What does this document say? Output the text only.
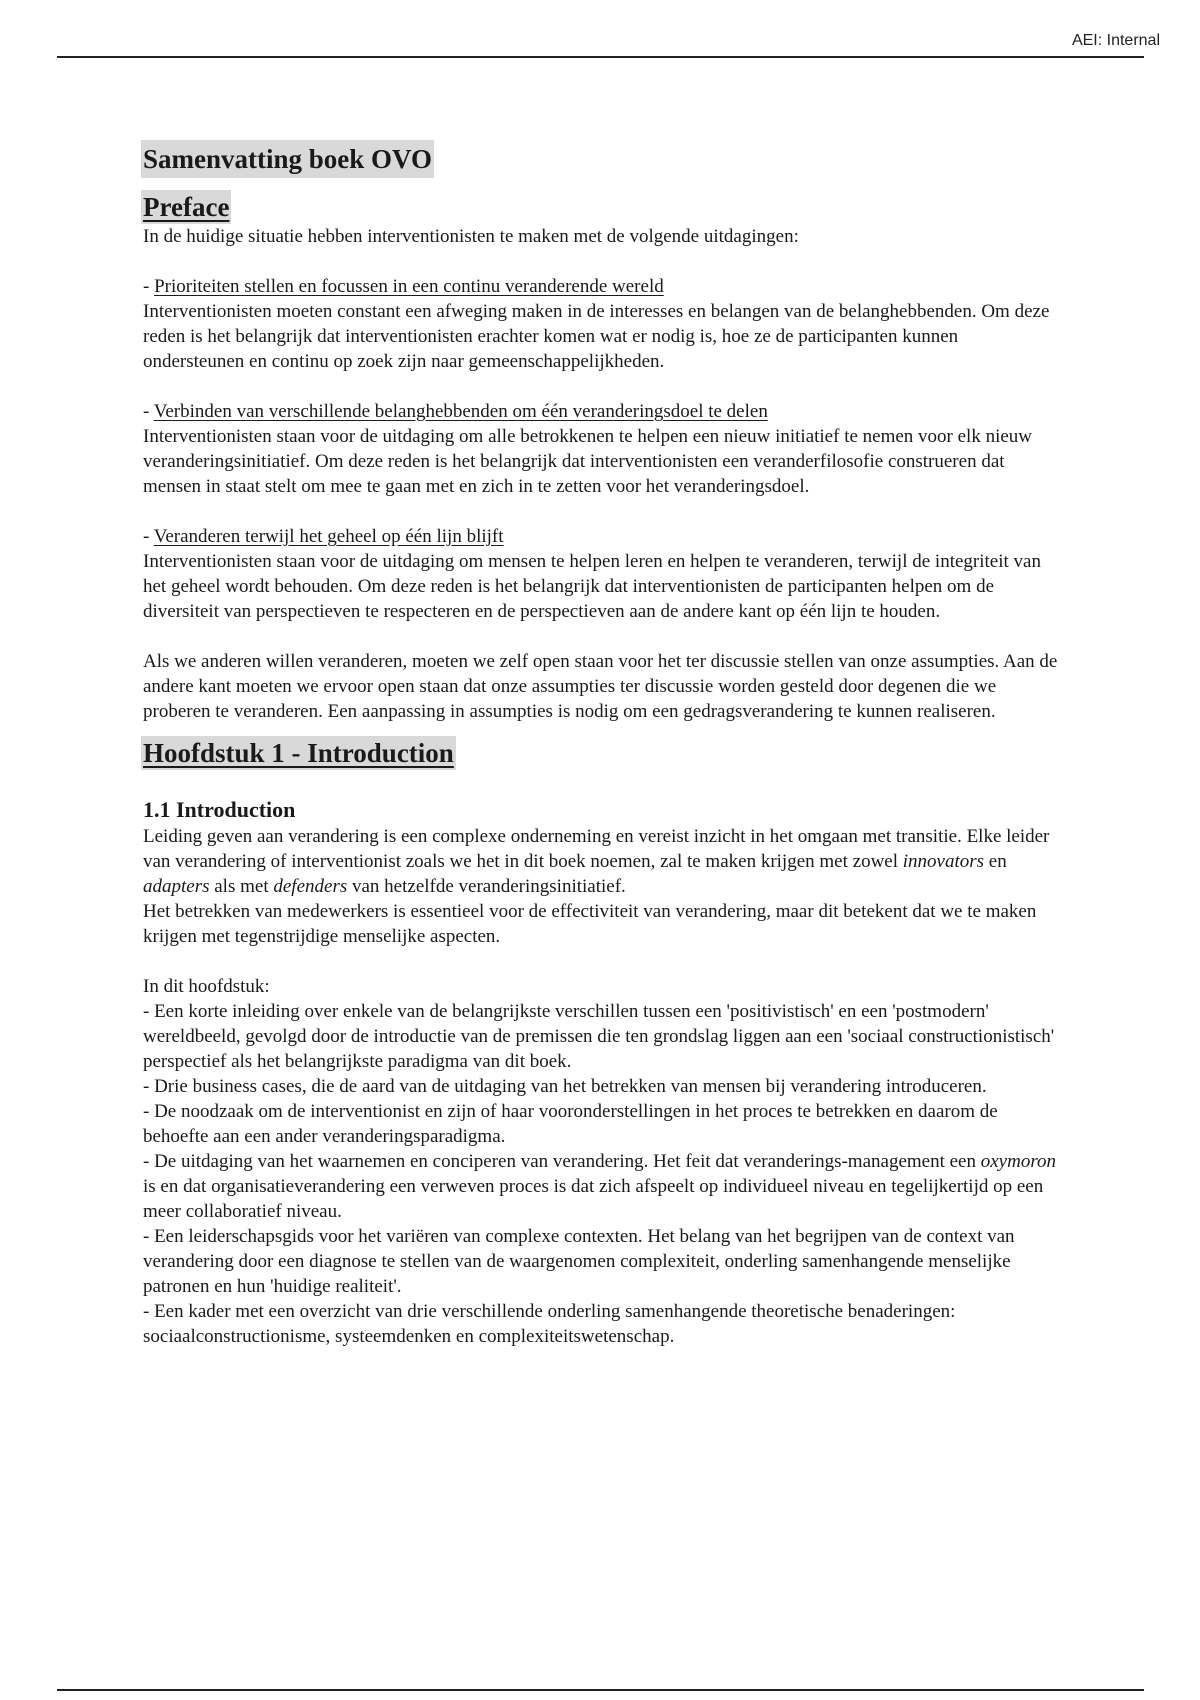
AEI: Internal
Samenvatting boek OVO
Preface

In de huidige situatie hebben interventionisten te maken met de volgende uitdagingen:

- Prioriteiten stellen en focussen in een continu veranderende wereld

Interventionisten moeten constant een afweging maken in de interesses en belangen van de belanghebbenden. Om deze reden is het belangrijk dat interventionisten erachter komen wat er nodig is, hoe ze de participanten kunnen ondersteunen en continu op zoek zijn naar gemeenschappelijkheden.

- Verbinden van verschillende belanghebbenden om één veranderingsdoel te delen

Interventionisten staan voor de uitdaging om alle betrokkenen te helpen een nieuw initiatief te nemen voor elk nieuw veranderingsinitiatief. Om deze reden is het belangrijk dat interventionisten een veranderfilosofie construeren dat mensen in staat stelt om mee te gaan met en zich in te zetten voor het veranderingsdoel.

- Veranderen terwijl het geheel op één lijn blijft

Interventionisten staan voor de uitdaging om mensen te helpen leren en helpen te veranderen, terwijl de integriteit van het geheel wordt behouden. Om deze reden is het belangrijk dat interventionisten de participanten helpen om de diversiteit van perspectieven te respecteren en de perspectieven aan de andere kant op één lijn te houden.

Als we anderen willen veranderen, moeten we zelf open staan voor het ter discussie stellen van onze assumpties. Aan de andere kant moeten we ervoor open staan dat onze assumpties ter discussie worden gesteld door degenen die we proberen te veranderen. Een aanpassing in assumpties is nodig om een gedragsverandering te kunnen realiseren.

Hoofdstuk 1 - Introduction
1.1 Introduction

Leiding geven aan verandering is een complexe onderneming en vereist inzicht in het omgaan met transitie. Elke leider van verandering of interventionist zoals we het in dit boek noemen, zal te maken krijgen met zowel innovators en adapters als met defenders van hetzelfde veranderingsinitiatief.

Het betrekken van medewerkers is essentieel voor de effectiviteit van verandering, maar dit betekent dat we te maken krijgen met tegenstrijdige menselijke aspecten.

In dit hoofdstuk:

- Een korte inleiding over enkele van de belangrijkste verschillen tussen een 'positivistisch' en een 'postmodern' wereldbeeld, gevolgd door de introductie van de premissen die ten grondslag liggen aan een 'sociaal constructionistisch' perspectief als het belangrijkste paradigma van dit boek.
- Drie business cases, die de aard van de uitdaging van het betrekken van mensen bij verandering introduceren.
- De noodzaak om de interventionist en zijn of haar vooronderstellingen in het proces te betrekken en daarom de behoefte aan een ander veranderingsparadigma.
- De uitdaging van het waarnemen en conciperen van verandering. Het feit dat veranderings-management een oxymoron is en dat organisatieverandering een verweven proces is dat zich afspeelt op individueel niveau en tegelijkertijd op een meer collaboratief niveau.
- Een leiderschapsgids voor het variëren van complexe contexten. Het belang van het begrijpen van de context van verandering door een diagnose te stellen van de waargenomen complexiteit, onderling samenhangende menselijke patronen en hun 'huidige realiteit'.
- Een kader met een overzicht van drie verschillende onderling samenhangende theoretische benaderingen: sociaalconstructionisme, systeemdenken en complexiteitswetenschap.
